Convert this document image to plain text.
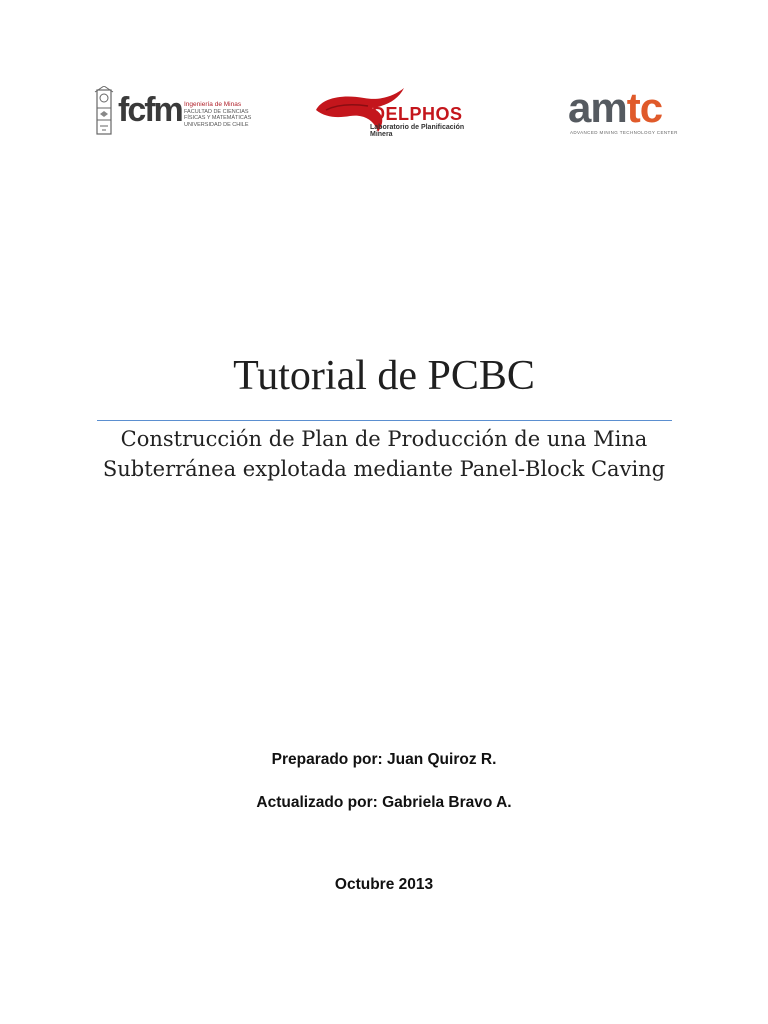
fcfm Ingeniería de Minas
FACULTAD DE CIENCIAS
FÍSICAS Y MATEMÁTICAS
UNIVERSIDAD DE CHILE
DELPHOS
Laboratorio de Planificación Minera
amtc
ADVANCED MINING TECHNOLOGY CENTER
Tutorial de PCBC
Construcción de Plan de Producción de una Mina
Subterránea explotada mediante Panel-Block Caving
Preparado por: Juan Quiroz R.
Actualizado por: Gabriela Bravo A.
Octubre 2013
